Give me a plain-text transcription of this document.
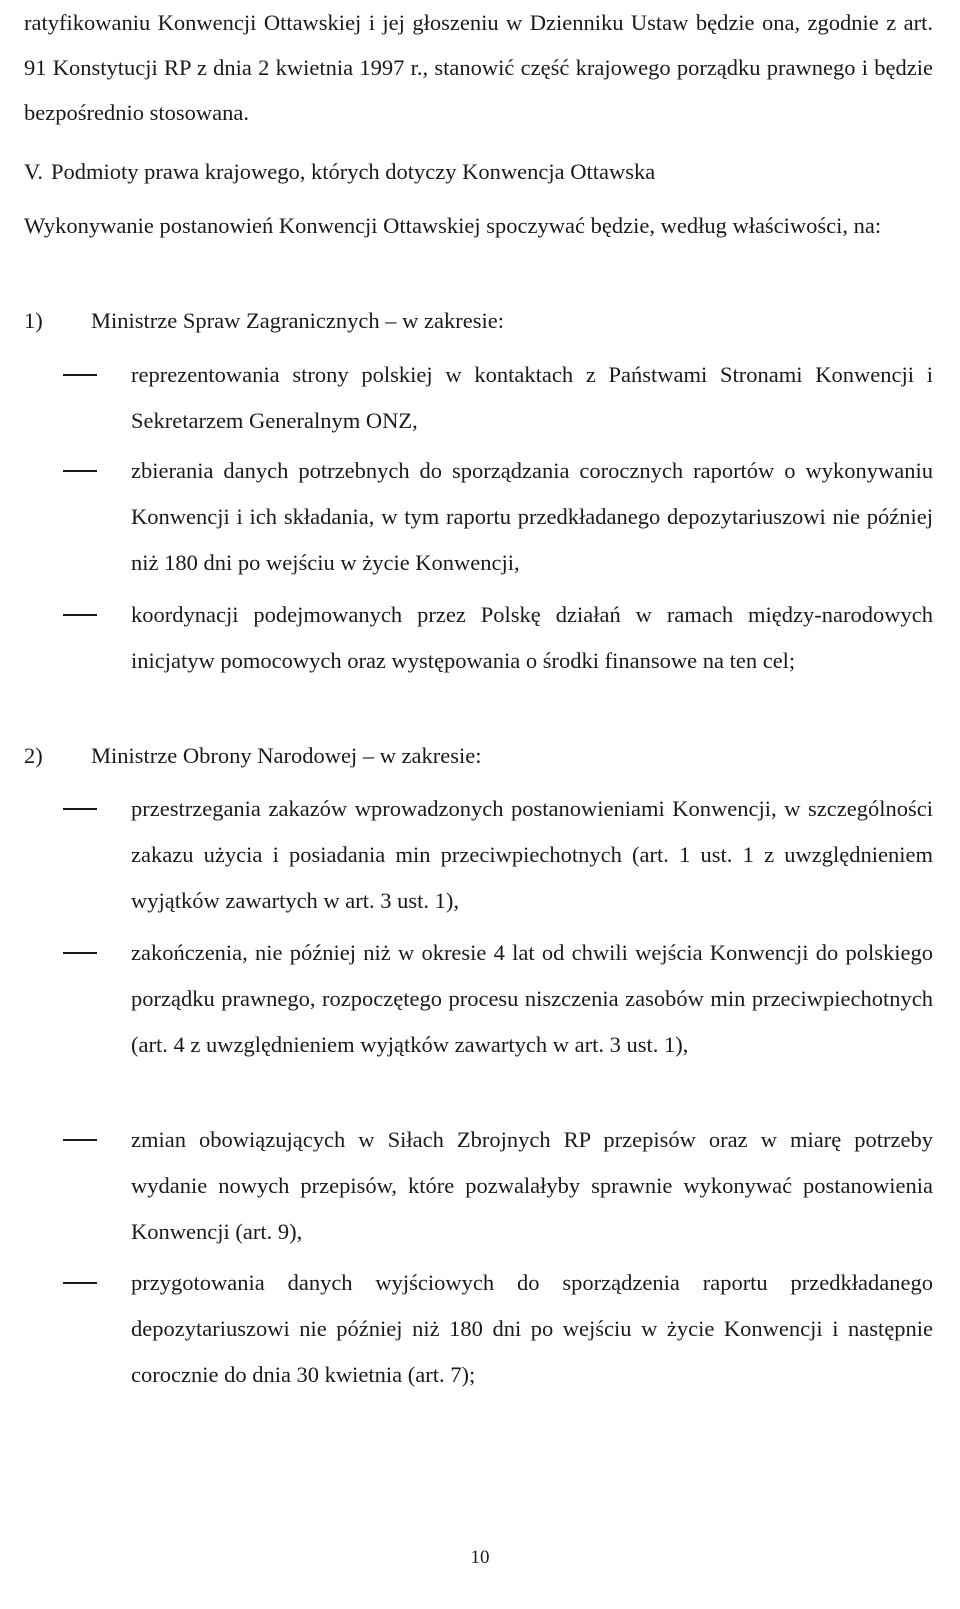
ratyfikowaniu Konwencji Ottawskiej i jej głoszeniu w Dzienniku Ustaw będzie ona, zgodnie z art. 91 Konstytucji RP z dnia 2 kwietnia 1997 r., stanowić część krajowego porządku prawnego i będzie bezpośrednio stosowana.

V. Podmioty prawa krajowego, których dotyczy Konwencja Ottawska

Wykonywanie postanowień Konwencji Ottawskiej spoczywać będzie, według właściwości, na:

1) Ministrze Spraw Zagranicznych – w zakresie:

reprezentowania strony polskiej w kontaktach z Państwami Stronami Konwencji i Sekretarzem Generalnym ONZ,

zbierania danych potrzebnych do sporządzania corocznych raportów o wykonywaniu Konwencji i ich składania, w tym raportu przedkładanego depozytariuszowi nie później niż 180 dni po wejściu w życie Konwencji,

koordynacji podejmowanych przez Polskę działań w ramach między-narodowych inicjatyw pomocowych oraz występowania o środki finansowe na ten cel;

2) Ministrze Obrony Narodowej – w zakresie:

przestrzegania zakazów wprowadzonych postanowieniami Konwencji, w szczególności zakazu użycia i posiadania min przeciwpiechotnych (art. 1 ust. 1 z uwzględnieniem wyjątków zawartych w art. 3 ust. 1),

zakończenia, nie później niż w okresie 4 lat od chwili wejścia Konwencji do polskiego porządku prawnego, rozpoczętego procesu niszczenia zasobów min przeciwpiechotnych (art. 4 z uwzględnieniem wyjątków zawartych w art. 3 ust. 1),

zmian obowiązujących w Siłach Zbrojnych RP przepisów oraz w miarę potrzeby wydanie nowych przepisów, które pozwalałyby sprawnie wykonywać postanowienia Konwencji (art. 9),

przygotowania danych wyjściowych do sporządzenia raportu przedkładanego depozytariuszowi nie później niż 180 dni po wejściu w życie Konwencji i następnie corocznie do dnia 30 kwietnia (art. 7);

10
